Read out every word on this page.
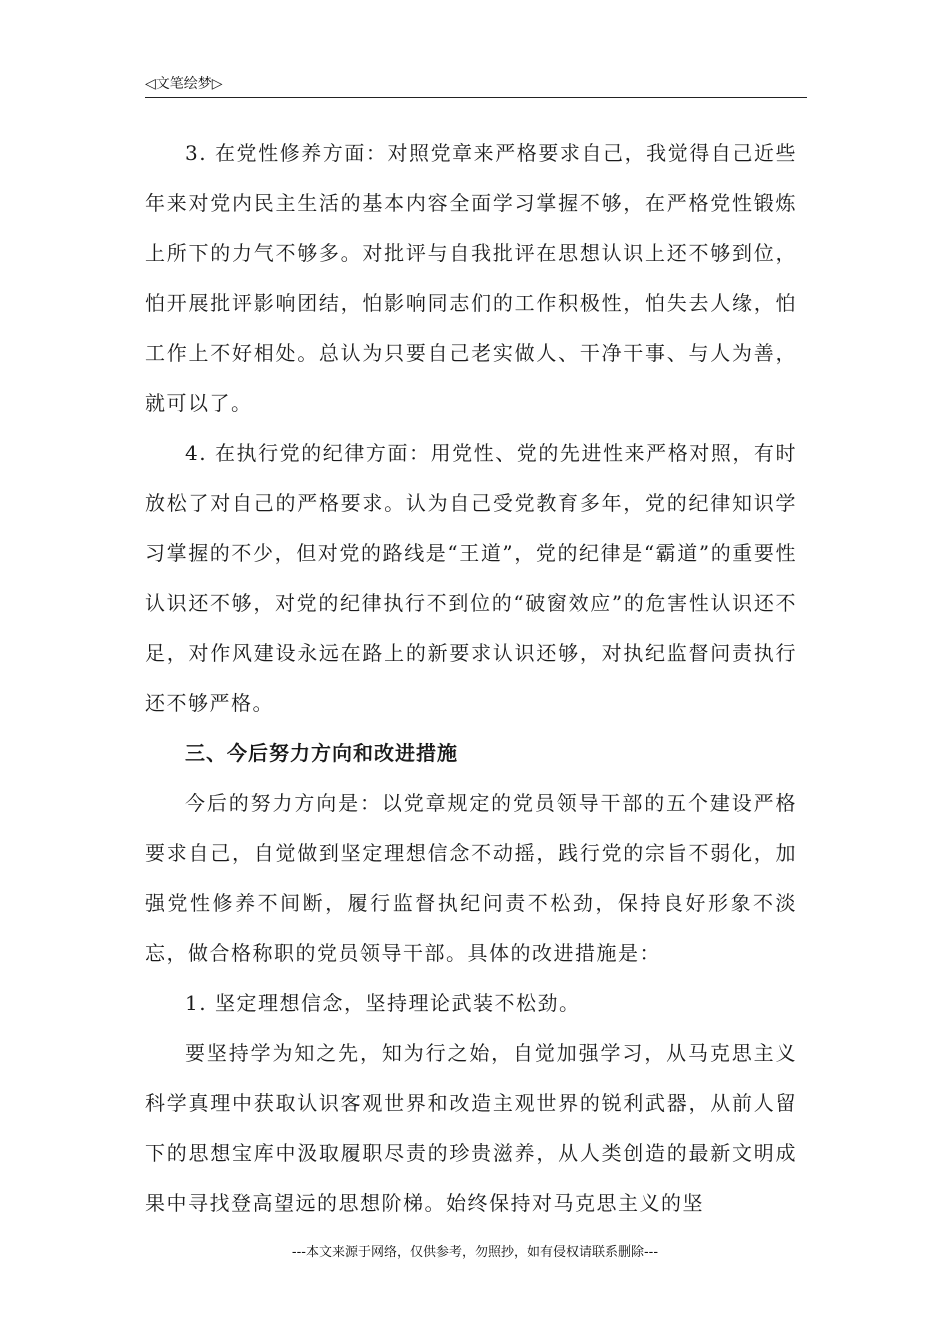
◁文笔绘梦▷

3. 在党性修养方面：对照党章来严格要求自己，我觉得自己近些年来对党内民主生活的基本内容全面学习掌握不够，在严格党性锻炼上所下的力气不够多。对批评与自我批评在思想认识上还不够到位，怕开展批评影响团结，怕影响同志们的工作积极性，怕失去人缘，怕工作上不好相处。总认为只要自己老实做人、干净干事、与人为善，就可以了。

4. 在执行党的纪律方面：用党性、党的先进性来严格对照，有时放松了对自己的严格要求。认为自己受党教育多年，党的纪律知识学习掌握的不少，但对党的路线是“王道”，党的纪律是“霸道”的重要性认识还不够，对党的纪律执行不到位的“破窗效应”的危害性认识还不足，对作风建设永远在路上的新要求认识还够，对执纪监督问责执行还不够严格。

三、今后努力方向和改进措施

今后的努力方向是：以党章规定的党员领导干部的五个建设严格要求自己，自觉做到坚定理想信念不动摇，践行党的宗旨不弱化，加强党性修养不间断，履行监督执纪问责不松劲，保持良好形象不淡忘，做合格称职的党员领导干部。具体的改进措施是：

1. 坚定理想信念，坚持理论武装不松劲。

要坚持学为知之先，知为行之始，自觉加强学习，从马克思主义科学真理中获取认识客观世界和改造主观世界的锐利武器，从前人留下的思想宝库中汲取履职尽责的珍贵滋养，从人类创造的最新文明成果中寻找登高望远的思想阶梯。始终保持对马克思主义的坚

---本文来源于网络，仅供参考，勿照抄，如有侵权请联系删除---
